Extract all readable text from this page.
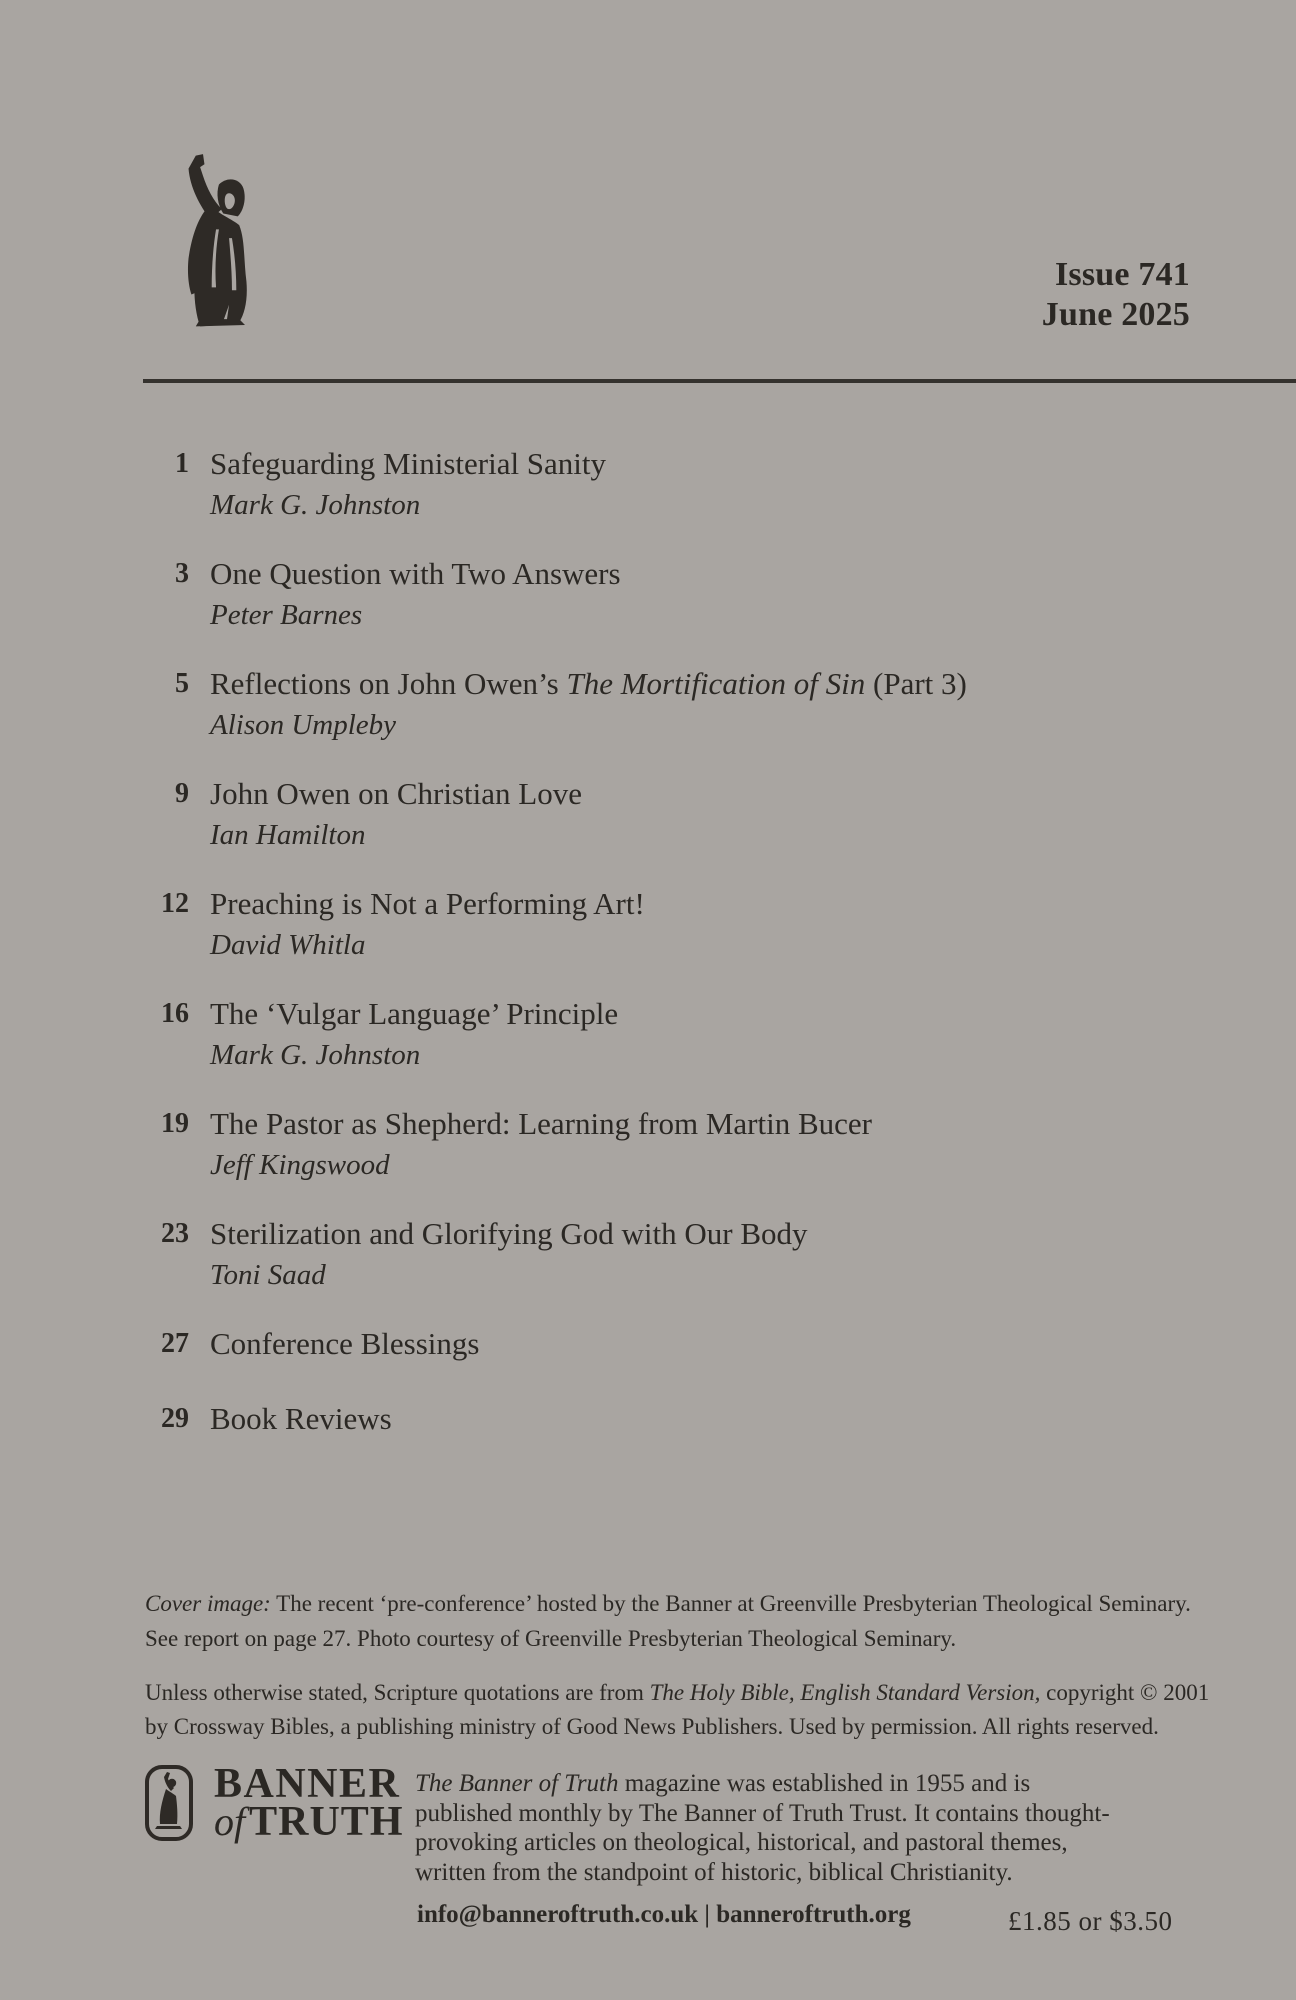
Issue 741
June 2025
1 Safeguarding Ministerial Sanity
Mark G. Johnston
3 One Question with Two Answers
Peter Barnes
5 Reflections on John Owen’s The Mortification of Sin (Part 3)
Alison Umpleby
9 John Owen on Christian Love
Ian Hamilton
12 Preaching is Not a Performing Art!
David Whitla
16 The ‘Vulgar Language’ Principle
Mark G. Johnston
19 The Pastor as Shepherd: Learning from Martin Bucer
Jeff Kingswood
23 Sterilization and Glorifying God with Our Body
Toni Saad
27 Conference Blessings
29 Book Reviews
Cover image: The recent ‘pre-conference’ hosted by the Banner at Greenville Presbyterian Theological Seminary.
See report on page 27. Photo courtesy of Greenville Presbyterian Theological Seminary.
Unless otherwise stated, Scripture quotations are from The Holy Bible, English Standard Version, copyright © 2001
by Crossway Bibles, a publishing ministry of Good News Publishers. Used by permission. All rights reserved.
BANNER
ofTRUTH
The Banner of Truth magazine was established in 1955 and is
published monthly by The Banner of Truth Trust. It contains thought-
provoking articles on theological, historical, and pastoral themes,
written from the standpoint of historic, biblical Christianity.
info@banneroftruth.co.uk | banneroftruth.org	£1.85 or $3.50
